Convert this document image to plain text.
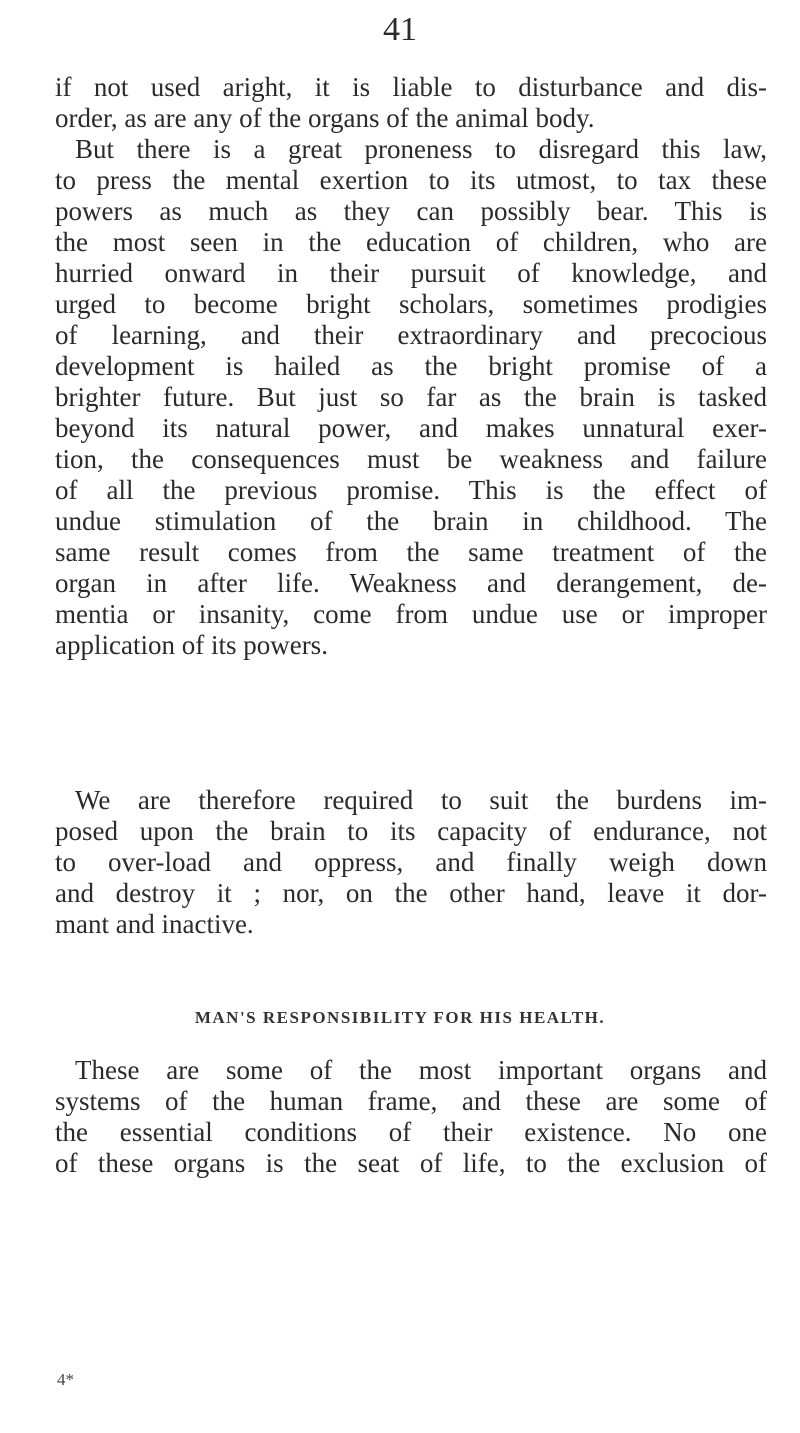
41
if not used aright, it is liable to disturbance and dis-
order, as are any of the organs of the animal body.
But there is a great proneness to disregard this law,
to press the mental exertion to its utmost, to tax these
powers as much as they can possibly bear. This is
the most seen in the education of children, who are
hurried onward in their pursuit of knowledge, and
urged to become bright scholars, sometimes prodigies
of learning, and their extraordinary and precocious
development is hailed as the bright promise of a
brighter future. But just so far as the brain is tasked
beyond its natural power, and makes unnatural exer-
tion, the consequences must be weakness and failure
of all the previous promise. This is the effect of
undue stimulation of the brain in childhood. The
same result comes from the same treatment of the
organ in after life. Weakness and derangement, de-
mentia or insanity, come from undue use or improper
application of its powers.
We are therefore required to suit the burdens im-
posed upon the brain to its capacity of endurance, not
to over-load and oppress, and finally weigh down
and destroy it ; nor, on the other hand, leave it dor-
mant and inactive.
MAN'S RESPONSIBILITY FOR HIS HEALTH.
These are some of the most important organs and
systems of the human frame, and these are some of
the essential conditions of their existence. No one
of these organs is the seat of life, to the exclusion of
4*
